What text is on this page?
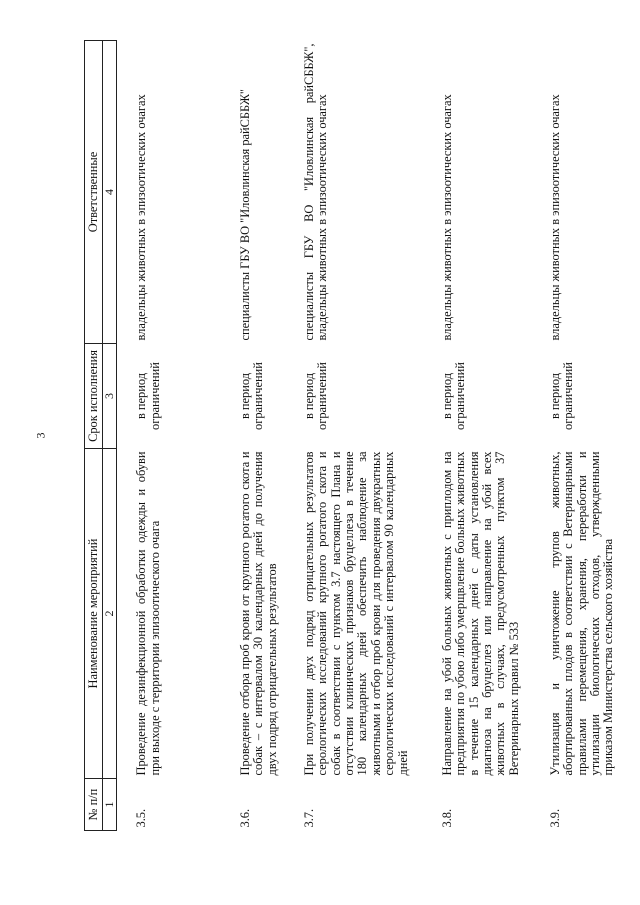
3
№ п/п	Наименование мероприятий	Срок исполнения	Ответственные
1	2	3	4
3.5.	Проведение дезинфекционной обработки одежды и обуви при выходе с территории эпизоотического очага	в период ограничений	владельцы животных в эпизоотических очагах
3.6.	Проведение отбора проб крови от крупного рогатого скота и собак – с интервалом 30 календарных дней до получения двух подряд отрицательных результатов	в период ограничений	специалисты ГБУ ВО "Иловлинская райСББЖ"
3.7.	При получении двух подряд отрицательных результатов серологических исследований крупного рогатого скота и собак в соответствии с пунктом 3.7 настоящего Плана и отсутствии клинических признаков бруцеллеза в течение 180 календарных дней обеспечить наблюдение за животными и отбор проб крови для проведения двукратных серологических исследований с интервалом 90 календарных дней	в период ограничений	специалисты ГБУ ВО "Иловлинская райСББЖ", владельцы животных в эпизоотических очагах
3.8.	Направление на убой больных животных с приплодом на предприятия по убою либо умерщвление больных животных в течение 15 календарных дней с даты установления диагноза на бруцеллез или направление на убой всех животных в случаях, предусмотренных пунктом 37 Ветеринарных правил № 533	в период ограничений	владельцы животных в эпизоотических очагах
3.9.	Утилизация и уничтожение трупов животных, абортированных плодов в соответствии с Ветеринарными правилами перемещения, хранения, переработки и утилизации биологических отходов, утвержденными приказом Министерства сельского хозяйства	в период ограничений	владельцы животных в эпизоотических очагах
